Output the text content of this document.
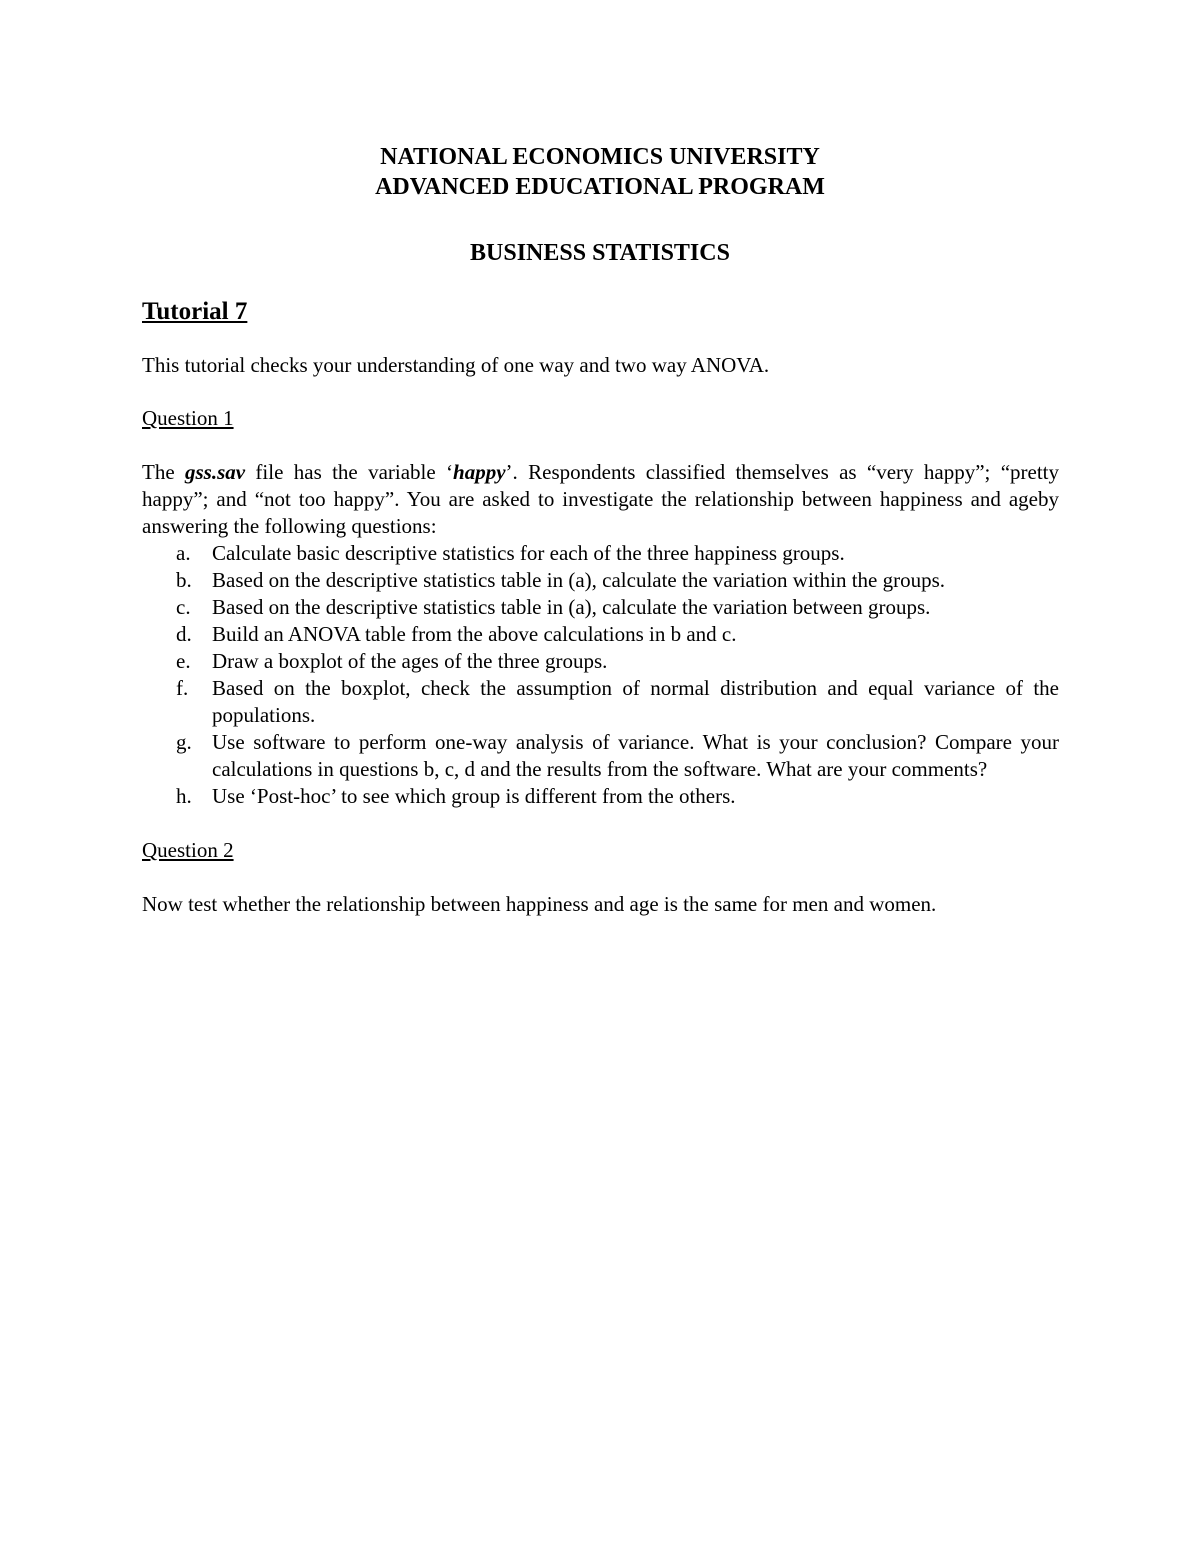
NATIONAL ECONOMICS UNIVERSITY
ADVANCED EDUCATIONAL PROGRAM
BUSINESS STATISTICS
Tutorial 7

This tutorial checks your understanding of one way and two way ANOVA.

Question 1

The gss.sav file has the variable ‘happy’. Respondents classified themselves as “very happy”; “pretty happy”; and “not too happy”. You are asked to investigate the relationship between happiness and ageby answering the following questions:

a.	Calculate basic descriptive statistics for each of the three happiness groups.
b. Based on the descriptive statistics table in (a), calculate the variation within the groups.
c.	Based on the descriptive statistics table in (a), calculate the variation between groups.
d. Build an ANOVA table from the above calculations in b and c.
e.	Draw a boxplot of the ages of the three groups.
f.	Based on the boxplot, check the assumption of normal distribution and equal variance of the populations.
g. Use software to perform one-way analysis of variance. What is your conclusion? Compare your calculations in questions b, c, d and the results from the software. What are your comments?
h. Use ‘Post-hoc’ to see which group is different from the others.

Question 2

Now test whether the relationship between happiness and age is the same for men and women.
